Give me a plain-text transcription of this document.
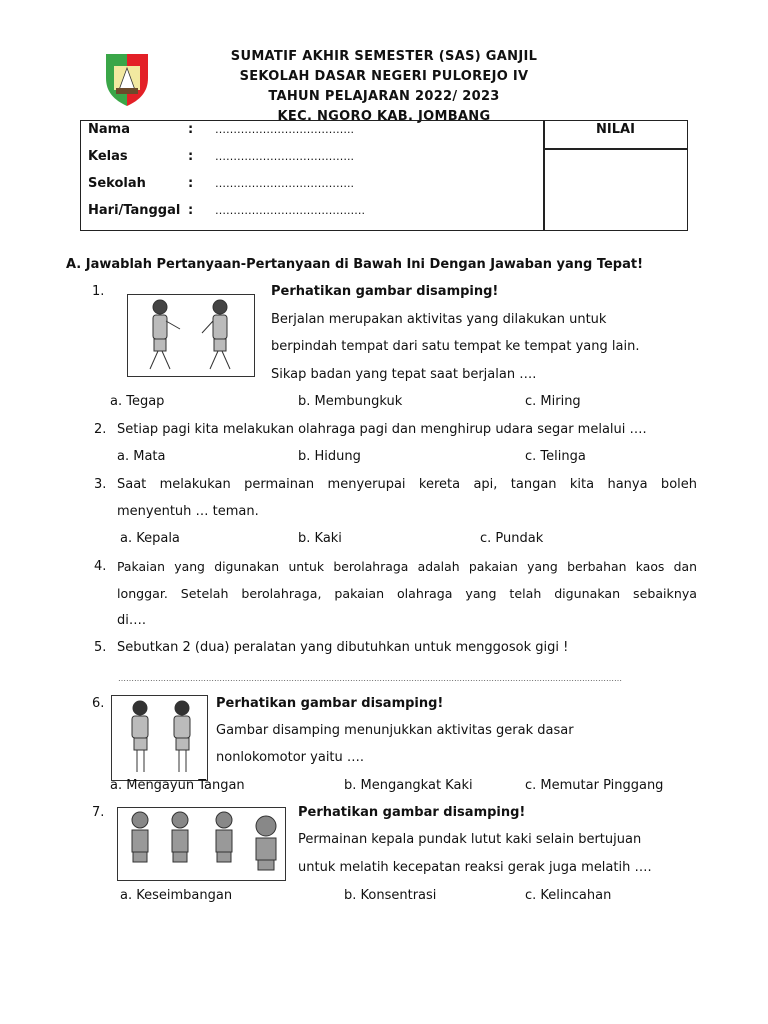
SUMATIF AKHIR SEMESTER (SAS) GANJIL
SEKOLAH DASAR NEGERI PULOREJO IV
TAHUN PELAJARAN 2022/ 2023
KEC. NGORO KAB. JOMBANG
NILAI
Nama	: ………………………………..
Kelas	: ………………………………..
Sekolah	: ………………………………..
Hari/Tanggal : ……………………………….….
A. Jawablah Pertanyaan-Pertanyaan di Bawah Ini Dengan Jawaban yang Tepat!
1.	Perhatikan gambar disamping!
Berjalan merupakan aktivitas yang dilakukan untuk
berpindah tempat dari satu tempat ke tempat yang lain.
Sikap badan yang tepat saat berjalan ….
a. Tegap	b. Membungkuk	c. Miring
2. Setiap pagi kita melakukan olahraga pagi dan menghirup udara segar melalui ….
a. Mata	b. Hidung	c. Telinga
3. Saat melakukan permainan menyerupai kereta api, tangan kita hanya boleh
menyentuh … teman.
a. Kepala	b. Kaki	c. Pundak
4. Pakaian yang digunakan untuk berolahraga adalah pakaian yang berbahan kaos dan
longgar. Setelah berolahraga, pakaian olahraga yang telah digunakan sebaiknya
di….
5. Sebutkan 2 (dua) peralatan yang dibutuhkan untuk menggosok gigi !
………………………………………………………………………………………………………………………………………………………………………
6.	Perhatikan gambar disamping!
Gambar disamping menunjukkan aktivitas gerak dasar
nonlokomotor yaitu ….
a. Mengayun Tangan	b. Mengangkat Kaki	c. Memutar Pinggang
7.	Perhatikan gambar disamping!
Permainan kepala pundak lutut kaki selain bertujuan
untuk melatih kecepatan reaksi gerak juga melatih ….
a. Keseimbangan	b. Konsentrasi	c. Kelincahan
